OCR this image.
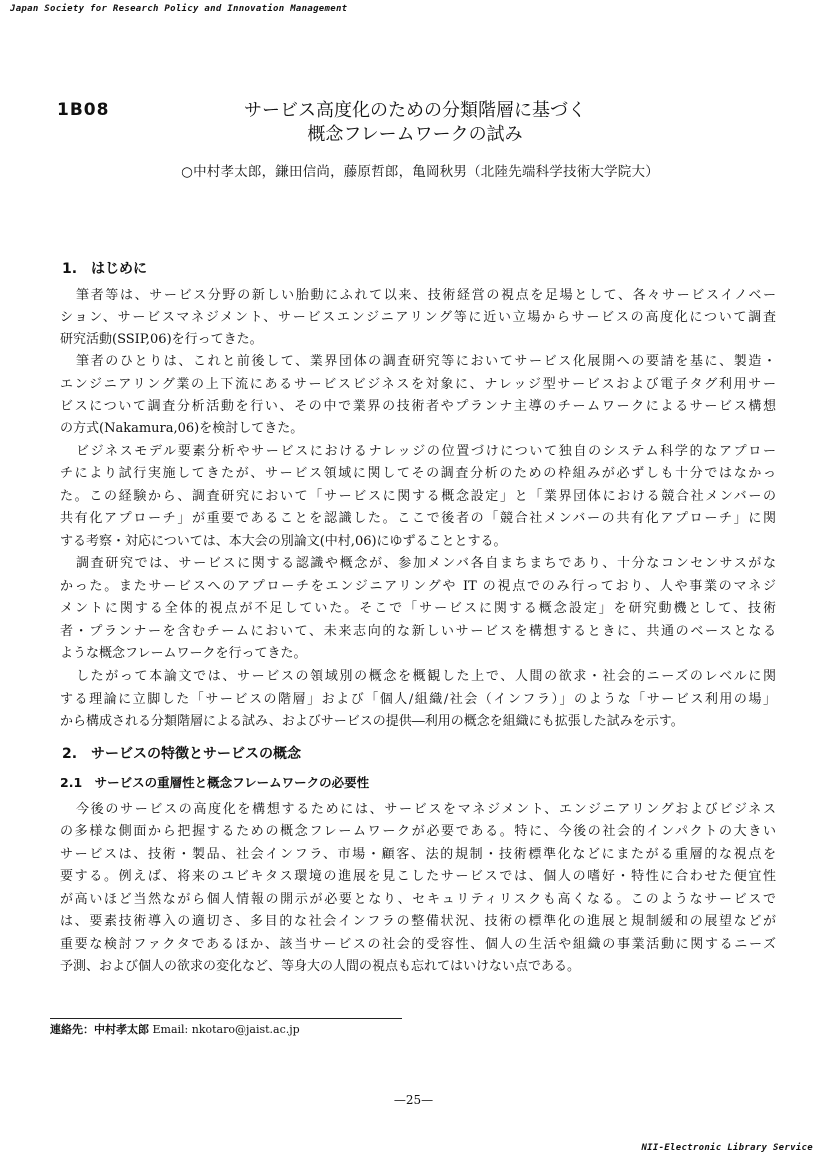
Japan Society for Research Policy and Innovation Management
1B08	サービス高度化のための分類階層に基づく
概念フレームワークの試み
○中村孝太郎，鎌田信尚，藤原哲郎，亀岡秋男（北陸先端科学技術大学院大）
1.　はじめに
筆者等は、サービス分野の新しい胎動にふれて以来、技術経営の視点を足場として、各々サービスイノベー
ション、サービスマネジメント、サービスエンジニアリング等に近い立場からサービスの高度化について調査
研究活動(SSIP,06)を行ってきた。
筆者のひとりは、これと前後して、業界団体の調査研究等においてサービス化展開への要請を基に、製造・
エンジニアリング業の上下流にあるサービスビジネスを対象に、ナレッジ型サービスおよび電子タグ利用サー
ビスについて調査分析活動を行い、その中で業界の技術者やプランナ主導のチームワークによるサービス構想
の方式(Nakamura,06)を検討してきた。
ビジネスモデル要素分析やサービスにおけるナレッジの位置づけについて独自のシステム科学的なアプロー
チにより試行実施してきたが、サービス領域に関してその調査分析のための枠組みが必ずしも十分ではなかっ
た。この経験から、調査研究において「サービスに関する概念設定」と「業界団体における競合社メンバーの
共有化アプローチ」が重要であることを認識した。ここで後者の「競合社メンバーの共有化アプローチ」に関
する考察・対応については、本大会の別論文(中村,06)にゆずることとする。
調査研究では、サービスに関する認識や概念が、参加メンバ各自まちまちであり、十分なコンセンサスがな
かった。またサービスへのアプローチをエンジニアリングや IT の視点でのみ行っており、人や事業のマネジ
メントに関する全体的視点が不足していた。そこで「サービスに関する概念設定」を研究動機として、技術
者・プランナーを含むチームにおいて、未来志向的な新しいサービスを構想するときに、共通のベースとなる
ような概念フレームワークを行ってきた。
したがって本論文では、サービスの領域別の概念を概観した上で、人間の欲求・社会的ニーズのレベルに関
する理論に立脚した「サービスの階層」および「個人/組織/社会（インフラ）」のような「サービス利用の場」
から構成される分類階層による試み、およびサービスの提供―利用の概念を組織にも拡張した試みを示す。
2.　サービスの特徴とサービスの概念
2.1　サービスの重層性と概念フレームワークの必要性
今後のサービスの高度化を構想するためには、サービスをマネジメント、エンジニアリングおよびビジネス
の多様な側面から把握するための概念フレームワークが必要である。特に、今後の社会的インパクトの大きい
サービスは、技術・製品、社会インフラ、市場・顧客、法的規制・技術標準化などにまたがる重層的な視点を
要する。例えば、将来のユビキタス環境の進展を見こしたサービスでは、個人の嗜好・特性に合わせた便宜性
が高いほど当然ながら個人情報の開示が必要となり、セキュリティリスクも高くなる。このようなサービスで
は、要素技術導入の適切さ、多目的な社会インフラの整備状況、技術の標準化の進展と規制緩和の展望などが
重要な検討ファクタであるほか、該当サービスの社会的受容性、個人の生活や組織の事業活動に関するニーズ
予測、および個人の欲求の変化など、等身大の人間の視点も忘れてはいけない点である。
連絡先：中村孝太郎 Email: nkotaro@jaist.ac.jp
—25—
NII-Electronic Library Service
